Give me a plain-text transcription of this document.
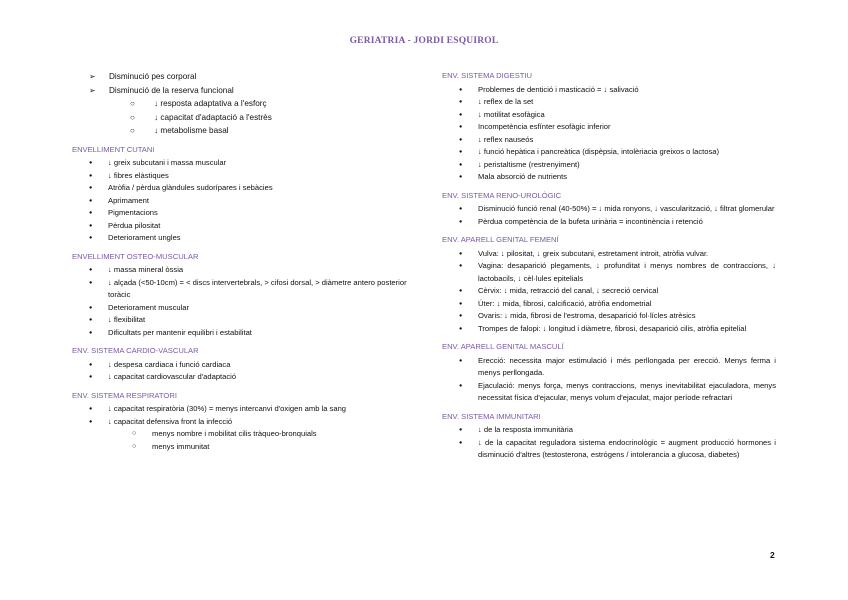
GERIATRIA - JORDI ESQUIROL
➢ Disminució pes corporal
➢ Disminució de la reserva funcional
○ ↓ resposta adaptativa a l'esforç
○ ↓ capacitat d'adaptació a l'estrès
○ ↓ metabolisme basal
ENVELLIMENT CUTANI
● ↓ greix subcutani i massa muscular
● ↓ fibres elàstiques
● Atròfia / pèrdua glàndules sudorípares i sebàcies
● Aprimament
● Pigmentacions
● Pèrdua pilositat
● Deteriorament ungles
ENVELLIMENT OSTEO-MUSCULAR
● ↓ massa mineral òssia
● ↓ alçada (<50-10cm) = < discs intervertebrals, > cifosi dorsal, > diàmetre antero posterior toràcic
● Deteriorament muscular
● ↓ flexibilitat
● Dificultats per mantenir equilibri i estabilitat
ENV. SISTEMA CARDIO-VASCULAR
● ↓ despesa cardiaca i funció cardiaca
● ↓ capacitat cardiovascular d'adaptació
ENV. SISTEMA RESPIRATORI
● ↓ capacitat respiratòria (30%) = menys intercanvi d'oxigen amb la sang
● ↓ capacitat defensiva front la infecció
○ menys nombre i mobilitat cilis tràqueo-bronquials
○ menys immunitat
ENV. SISTEMA DIGESTIU
● Problemes de dentició i masticació = ↓ salivació
● ↓ reflex de la set
● ↓ motilitat esofàgica
● Incompetència esfínter esofàgic inferior
● ↓ reflex nauseós
● ↓ funció hepàtica i pancreàtica (dispèpsia, intolèriacia greixos o lactosa)
● ↓ peristaltisme (restrenyiment)
● Mala absorció de nutrients
ENV. SISTEMA RENO-UROLÒGIC
● Disminució funció renal (40-50%) = ↓ mida ronyons, ↓ vascularització, ↓ filtrat glomerular
● Pèrdua competència de la bufeta urinària = incontinència i retenció
ENV. APARELL GENITAL FEMENÍ
● Vulva: ↓ pilositat, ↓ greix subcutani, estretament introit, atròfia vulvar.
● Vagina: desaparició plegaments, ↓ profunditat i menys nombres de contraccions, ↓ lactobacils, ↓ cèl·lules epitelials
● Cèrvix: ↓ mida, retracció del canal, ↓ secreció cervical
● Úter: ↓ mida, fibrosi, calcificació, atròfia endometrial
● Ovaris: ↓ mida, fibrosi de l'estroma, desaparició fol·lícles atrèsics
● Trompes de falopi: ↓ longitud i diàmetre, fibrosi, desaparició cilis, atròfia epitelial
ENV. APARELL GENITAL MASCULÍ
● Erecció: necessita major estimulació i més perllongada per erecció. Menys ferma i menys perllongada.
● Ejaculació: menys força, menys contraccions, menys inevitabilitat ejaculadora, menys necessitat física d'ejacular, menys volum d'ejaculat, major període refractari
ENV. SISTEMA IMMUNITARI
● ↓ de la resposta immunitària
● ↓ de la capacitat reguladora sistema endocrinològic = augment producció hormones i disminució d'altres (testosterona, estrògens / intolerancia a glucosa, diabetes)
2
